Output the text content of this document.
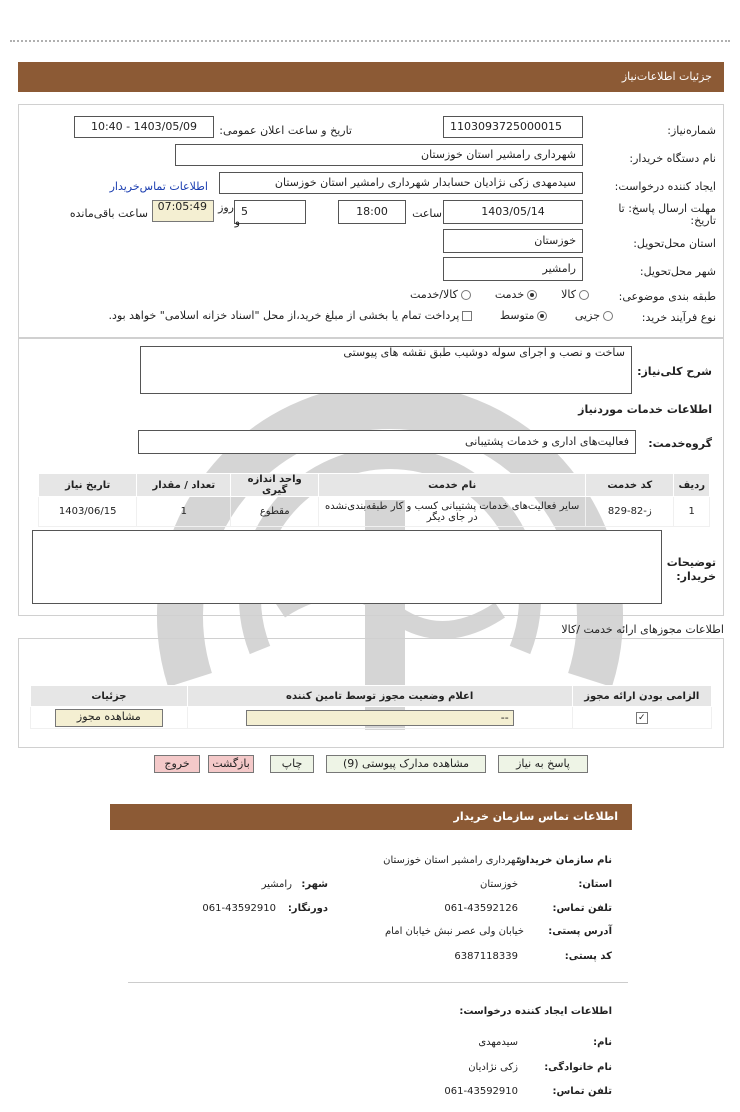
جزئیات اطلاعات‌نیاز
شماره‌نیاز:
1103093725000015
تاریخ و ساعت اعلان عمومی:
1403/05/09 - 10:40
نام دستگاه خریدار:
شهرداری رامشیر استان خوزستان
ایجاد کننده درخواست:
سیدمهدی زکی نژادیان حسابدار شهرداری رامشیر استان خوزستان
اطلاعات تماس‌خریدار
مهلت ارسال پاسخ: تا
تاریخ:
1403/05/14
ساعت
18:00
5
روز
و
07:05:49
ساعت باقی‌مانده
استان محل‌تحویل:
خوزستان
شهر محل‌تحویل:
رامشیر
طبقه بندی موضوعی:
کالا      خدمت      کالا/خدمت
نوع فرآیند خرید:
جزیی       متوسط       پرداخت تمام یا بخشی از مبلغ خرید،از محل "اسناد خزانه اسلامی" خواهد بود.
شرح کلی‌نیاز:
ساخت و نصب و اجرای سوله دوشیب طبق نقشه های پیوستی
اطلاعات خدمات موردنیاز
گروه‌خدمت:
فعالیت‌های اداری و خدمات پشتیبانی
ردیف	کد خدمت	نام خدمت	واحد اندازه گیری	تعداد / مقدار	تاریخ نیاز
1	ز-82-829	سایر فعالیت‌های خدمات پشتیبانی کسب و کار طبقه‌بندی‌نشده در جای دیگر	مقطوع	1	1403/06/15
توضیحات
خریدار:
اطلاعات مجوزهای ارائه خدمت /کالا
الزامی بودن ارائه مجوز	اعلام وضعیت مجوز توسط تامین کننده	جزئیات
✓	--	مشاهده مجوز
پاسخ به نیاز
مشاهده مدارک پیوستی (9)
چاپ
بازگشت
خروج
اطلاعات تماس سازمان خریدار
نام سازمان خریدار:
شهرداری رامشیر استان خوزستان
استان:
خوزستان
شهر:
رامشیر
تلفن تماس:
061-43592126
دورنگار:
061-43592910
آدرس پستی:
خیابان ولی عصر نبش خیابان امام
کد پستی:
6387118339
اطلاعات ایجاد کننده درخواست:
نام:
سیدمهدی
نام خانوادگی:
زکی نژادیان
تلفن تماس:
061-43592910
